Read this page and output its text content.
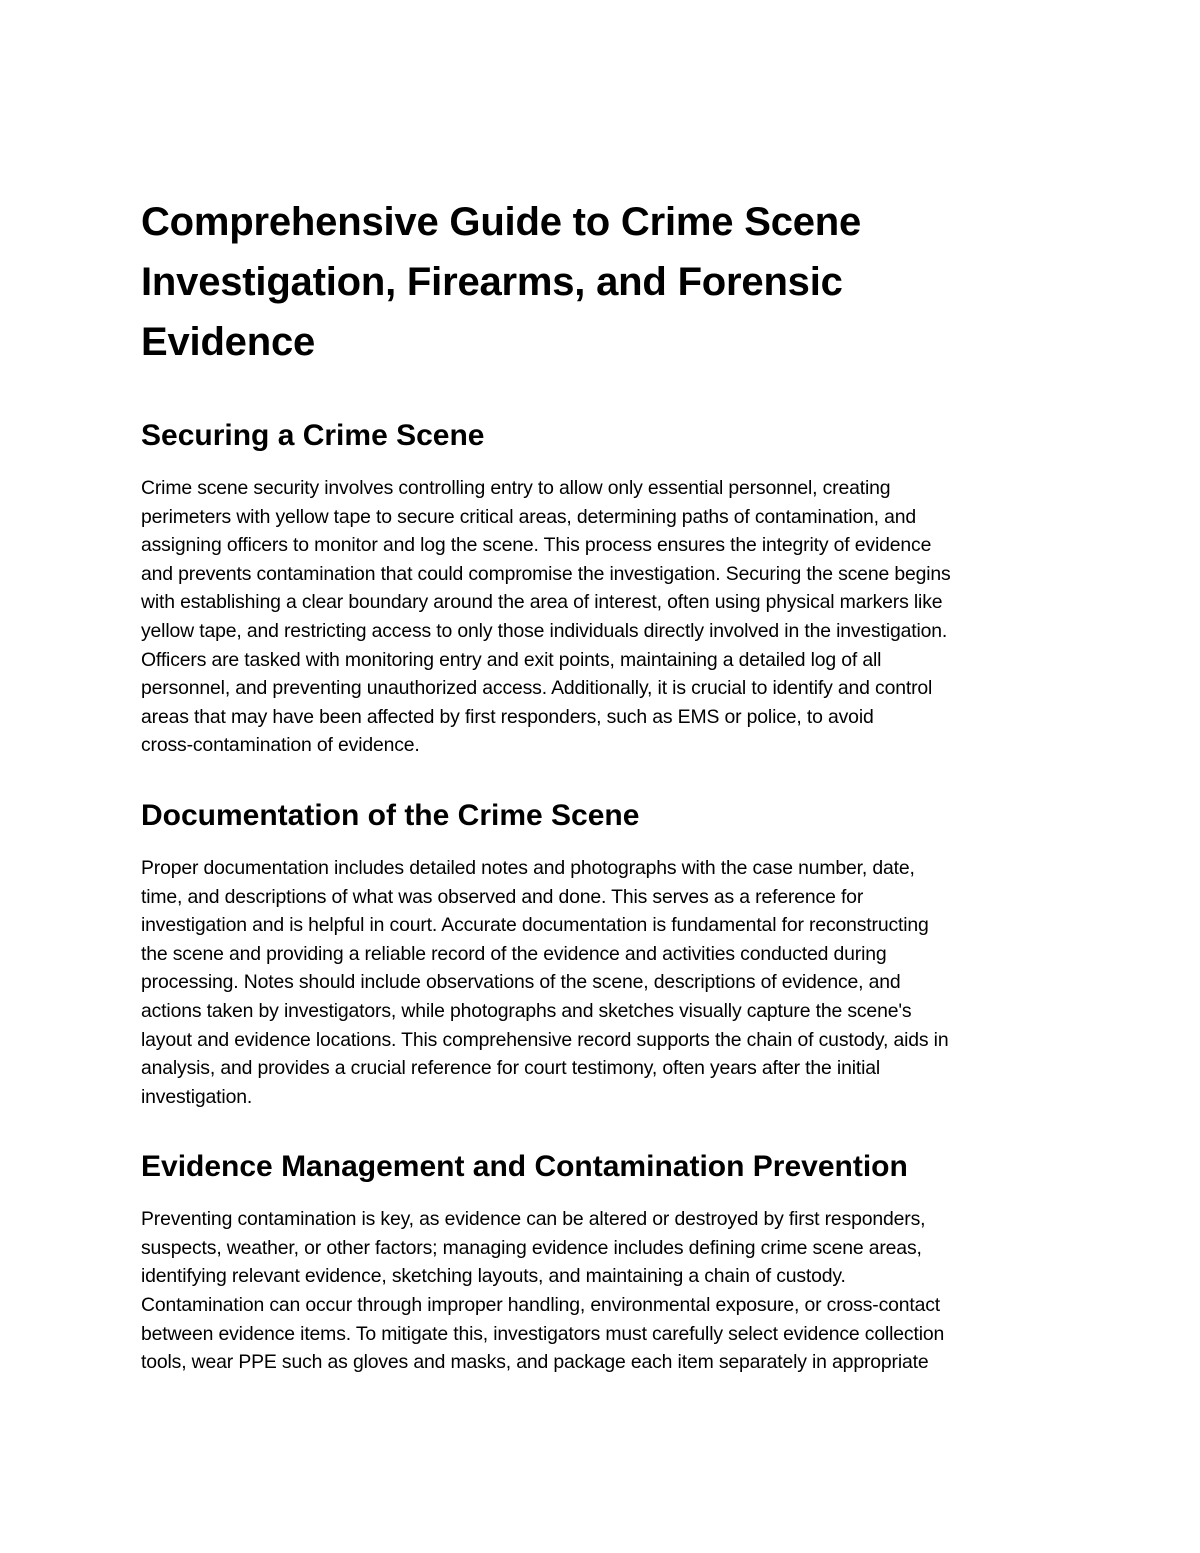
Comprehensive Guide to Crime Scene
Investigation, Firearms, and Forensic
Evidence
Securing a Crime Scene

Crime scene security involves controlling entry to allow only essential personnel, creating
perimeters with yellow tape to secure critical areas, determining paths of contamination, and
assigning officers to monitor and log the scene. This process ensures the integrity of evidence
and prevents contamination that could compromise the investigation. Securing the scene begins
with establishing a clear boundary around the area of interest, often using physical markers like
yellow tape, and restricting access to only those individuals directly involved in the investigation.
Officers are tasked with monitoring entry and exit points, maintaining a detailed log of all
personnel, and preventing unauthorized access. Additionally, it is crucial to identify and control
areas that may have been affected by first responders, such as EMS or police, to avoid
cross-contamination of evidence.

Documentation of the Crime Scene

Proper documentation includes detailed notes and photographs with the case number, date,
time, and descriptions of what was observed and done. This serves as a reference for
investigation and is helpful in court. Accurate documentation is fundamental for reconstructing
the scene and providing a reliable record of the evidence and activities conducted during
processing. Notes should include observations of the scene, descriptions of evidence, and
actions taken by investigators, while photographs and sketches visually capture the scene's
layout and evidence locations. This comprehensive record supports the chain of custody, aids in
analysis, and provides a crucial reference for court testimony, often years after the initial
investigation.

Evidence Management and Contamination Prevention

Preventing contamination is key, as evidence can be altered or destroyed by first responders,
suspects, weather, or other factors; managing evidence includes defining crime scene areas,
identifying relevant evidence, sketching layouts, and maintaining a chain of custody.
Contamination can occur through improper handling, environmental exposure, or cross-contact
between evidence items. To mitigate this, investigators must carefully select evidence collection
tools, wear PPE such as gloves and masks, and package each item separately in appropriate
